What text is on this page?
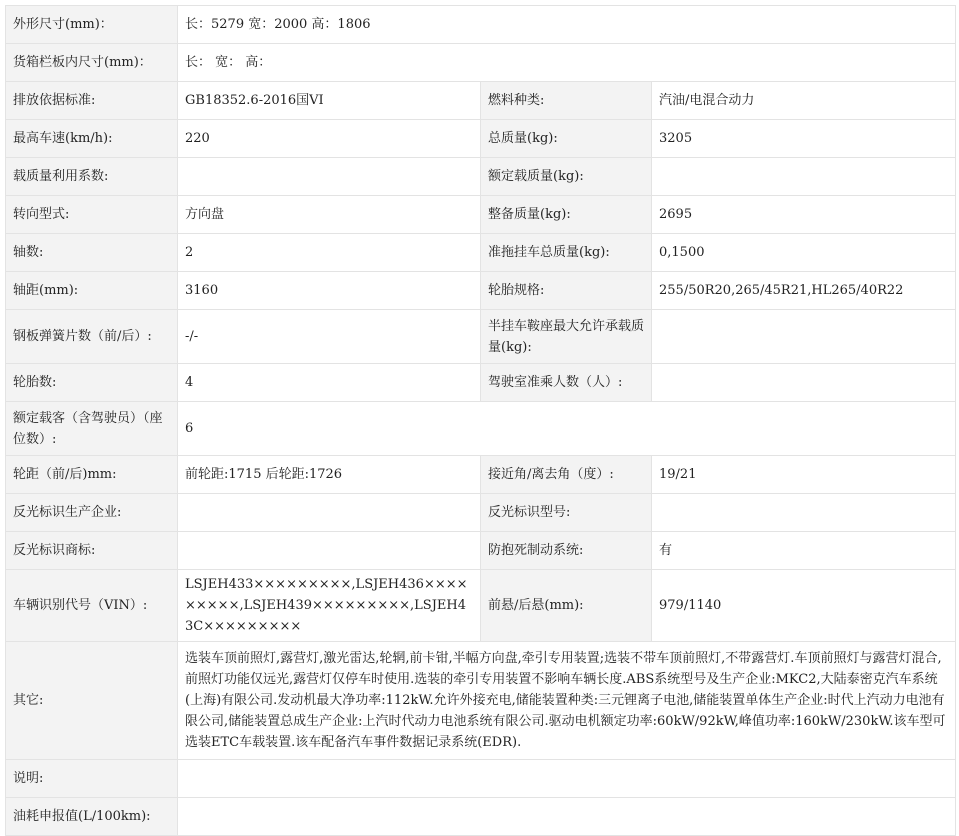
外形尺寸(mm)：	长：5279 宽：2000 高：1806		
货箱栏板内尺寸(mm)：	长： 宽： 高：		
排放依据标准:	GB18352.6-2016国VI	燃料种类:	汽油/电混合动力
最高车速(km/h):	220	总质量(kg):	3205
载质量利用系数:		额定载质量(kg):	
转向型式:	方向盘	整备质量(kg):	2695
轴数:	2	准拖挂车总质量(kg):	0,1500
轴距(mm):	3160	轮胎规格:	255/50R20,265/45R21,HL265/40R22
钢板弹簧片数（前/后）:	-/-	半挂车鞍座最大允许承载质量(kg):	
轮胎数:	4	驾驶室准乘人数（人）:	
额定载客（含驾驶员）（座位数）:	6		
轮距（前/后)mm:	前轮距:1715 后轮距:1726	接近角/离去角（度）:	19/21
反光标识生产企业:		反光标识型号:	
反光标识商标:		防抱死制动系统:	有
车辆识别代号（VIN）:	LSJEH433×××××××××,LSJEH436×××××××××,LSJEH439×××××××××,LSJEH43C×××××××××	前悬/后悬(mm):	979/1140
其它:	选装车顶前照灯,露营灯,激光雷达,轮辋,前卡钳,半幅方向盘,牵引专用装置;选装不带车顶前照灯,不带露营灯.车顶前照灯与露营灯混合,前照灯功能仅远光,露营灯仅停车时使用.选装的牵引专用装置不影响车辆长度.ABS系统型号及生产企业:MKC2,大陆泰密克汽车系统(上海)有限公司.发动机最大净功率:112kW.允许外接充电,储能装置种类:三元锂离子电池,储能装置单体生产企业:时代上汽动力电池有限公司,储能装置总成生产企业:上汽时代动力电池系统有限公司.驱动电机额定功率:60kW/92kW,峰值功率:160kW/230kW.该车型可选装ETC车载装置.该车配备汽车事件数据记录系统(EDR).		
说明:			
油耗申报值(L/100km):			
